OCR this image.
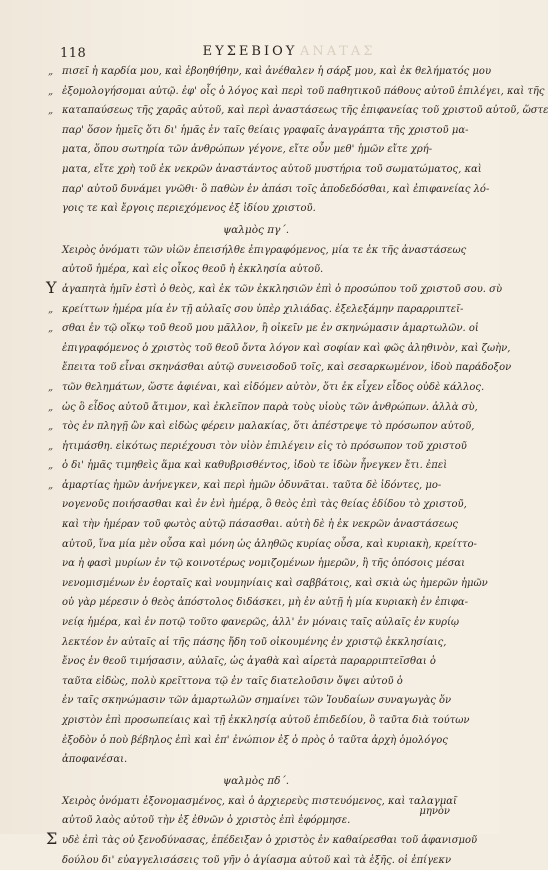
118	ΑΝΑΤΑΣ
ΕΥΣΕΒΙΟΥ
„ πισεῖ ἡ καρδία μου, καὶ ἐβοηθήθην, καὶ ἀνέθαλεν ἡ σάρξ μου, καὶ ἐκ θελήματός μου
„ ἐξομολογήσομαι αὐτῷ. ἐφ' οἷς ὁ λόγος καὶ περὶ τοῦ παθητικοῦ πάθους αὐτοῦ ἐπιλέγει, καὶ τῆς
„ καταπαύσεως τῆς χαρᾶς αὐτοῦ, καὶ περὶ ἀναστάσεως τῆς ἐπιφανείας τοῦ χριστοῦ αὐτοῦ, ὥστε
παρ' ὅσον ἡμεῖς ὅτι δι' ἡμᾶς ἐν ταῖς θείαις γραφαῖς ἀναγράπτα τῆς χριστοῦ μα-
ματα, ὅπου σωτηρία τῶν ἀνθρώπων γέγονε, εἴτε οὖν μεθ' ἡμῶν εἴτε χρή-
ματα, εἴτε χρὴ τοῦ ἐκ νεκρῶν ἀναστάντος αὐτοῦ μυστήρια τοῦ σωματώματος, καὶ
παρ' αὐτοῦ δυνάμει γνῶθι· ὃ παθὼν ἐν ἀπάσι τοῖς ἀποδεδόσθαι, καὶ ἐπιφανείας λό-
γοις τε καὶ ἔργοις περιεχόμενος ἐξ ἰδίου χριστοῦ.
ψαλμὸς πγ΄.
Χειρὸς ὀνόματι τῶν υἱῶν ἐπεισήλθε ἐπιγραφόμενος, μία τε ἐκ τῆς ἀναστάσεως
αὐτοῦ ἡμέρα, καὶ εἰς οἶκος θεοῦ ἡ ἐκκλησία αὐτοῦ.
Υ ἀγαπητὰ ἡμῖν ἐστὶ ὁ θεὸς, καὶ ἐκ τῶν ἐκκλησιῶν ἐπὶ ὁ προσώπου τοῦ χριστοῦ σου. σὺ
„ κρείττων ἡμέρα μία ἐν τῇ αὐλαῖς σου ὑπὲρ χιλιάδας. ἐξελεξάμην παραρριπτεῖ-
„ σθαι ἐν τῷ οἴκῳ τοῦ θεοῦ μου μᾶλλον, ἢ οἰκεῖν με ἐν σκηνώμασιν ἁμαρτωλῶν. οἱ
ἐπιγραφόμενος ὁ χριστὸς τοῦ θεοῦ ὄντα λόγον καὶ σοφίαν καὶ φῶς ἀληθινὸν, καὶ ζωὴν,
ἔπειτα τοῦ εἶναι σκηνάσθαι αὐτῷ συνεισοδοῦ τοῖς, καὶ σεσαρκωμένον, ἰδοὺ παράδοξον
„ τῶν θελημάτων, ὥστε ἀφιέναι, καὶ εἰδόμεν αὐτὸν, ὅτι ἐκ εἶχεν εἶδος οὐδὲ κάλλος.
„ ὡς ὃ εἶδος αὐτοῦ ἄτιμον, καὶ ἐκλεῖπον παρὰ τοὺς υἱοὺς τῶν ἀνθρώπων. ἀλλὰ σὺ,
„ τὸς ἐν πληγῇ ὢν καὶ εἰδὼς φέρειν μαλακίας, ὅτι ἀπέστρεψε τὸ πρόσωπον αὐτοῦ,
„ ἠτιμάσθη. εἰκότως περιέχουσι τὸν υἱὸν ἐπιλέγειν εἰς τὸ πρόσωπον τοῦ χριστοῦ
„ ὁ δι' ἡμᾶς τιμηθεὶς ἅμα καὶ καθυβρισθέντος, ἰδοὺ τε ἰδὼν ἦνεγκεν ἔτι. ἐπεὶ
„ ἁμαρτίας ἡμῶν ἀνήνεγκεν, καὶ περὶ ἡμῶν ὀδυνᾶται. ταῦτα δὲ ἰδόντες, μο-
νογενοῦς ποιήσασθαι καὶ ἐν ἐνὶ ἡμέρᾳ, ὃ θεὸς ἐπὶ τὰς θείας ἐδίδου τὸ χριστοῦ,
καὶ τὴν ἡμέραν τοῦ φωτὸς αὐτῷ πάσασθαι. αὐτὴ δὲ ἡ ἐκ νεκρῶν ἀναστάσεως
αὐτοῦ, ἵνα μία μὲν οὖσα καὶ μόνη ὡς ἀληθῶς κυρίας οὖσα, καὶ κυριακὴ, κρείττο-
να ἡ φασὶ μυρίων ἐν τῷ κοινοτέρως νομιζομένων ἡμερῶν, ἢ τῆς ὁπόσοις μέσαι
νενομισμένων ἐν ἑορταῖς καὶ νουμηνίαις καὶ σαββάτοις, καὶ σκιὰ ὡς ἡμερῶν ἡμῶν
οὐ γὰρ μέρεσιν ὁ θεὸς ἀπόστολος διδάσκει, μὴ ἐν αὐτῇ ἡ μία κυριακὴ ἐν ἐπιφα-
νείᾳ ἡμέρα, καὶ ἐν ποτῷ τοῦτο φανερῶς, ἀλλ' ἐν μόναις ταῖς αὐλαῖς ἐν κυρίῳ
λεκτέον ἐν αὐταῖς αἱ τῆς πάσης ἤδη τοῦ οἰκουμένης ἐν χριστῷ ἐκκλησίαις,
ἔνος ἐν θεοῦ τιμήσασιν, αὐλαῖς, ὡς ἀγαθὰ καὶ αἱρετὰ παραρριπτεῖσθαι ὁ
ταῦτα εἰδὼς, πολὺ κρεῖττονα τῷ ἐν ταῖς διατελοῦσιν ὄψει αὐτοῦ ὁ
ἐν ταῖς σκηνώμασιν τῶν ἁμαρτωλῶν σημαίνει τῶν Ἰουδαίων συναγωγὰς ὅν
χριστὸν ἐπὶ προσωπείαις καὶ τῇ ἐκκλησίᾳ αὐτοῦ ἐπιδεδίου, ὃ ταῦτα διὰ τούτων
ἐξοδὸν ὁ ποὺ βέβηλος ἐπὶ καὶ ἐπ' ἐνώπιον ἐξ ὁ πρὸς ὁ ταῦτα ἀρχὴ ὁμολόγος
ἀποφανέσαι.
ψαλμὸς πδ΄.
Χειρὸς ὀνόματι ἐξονομασμένος, καὶ ὁ ἀρχιερεὺς πιστευόμενος, καὶ ταλαγμαῖ
αὐτοῦ λαὸς αὐτοῦ τὴν ἐξ ἐθνῶν ὁ χριστὸς ἐπὶ ἐφόρμησε.
Σ υδὲ ἐπὶ τὰς οὐ ξενοδύνασας, ἐπέδειξαν ὁ χριστὸς ἐν καθαίρεσθαι τοῦ ἀφανισμοῦ
δούλου δι' εὐαγγελισάσεις τοῦ γῆν ὁ ἁγίασμα αὐτοῦ καὶ τὰ ἑξῆς. οἱ ἐπίγεκν
μηνὸν
